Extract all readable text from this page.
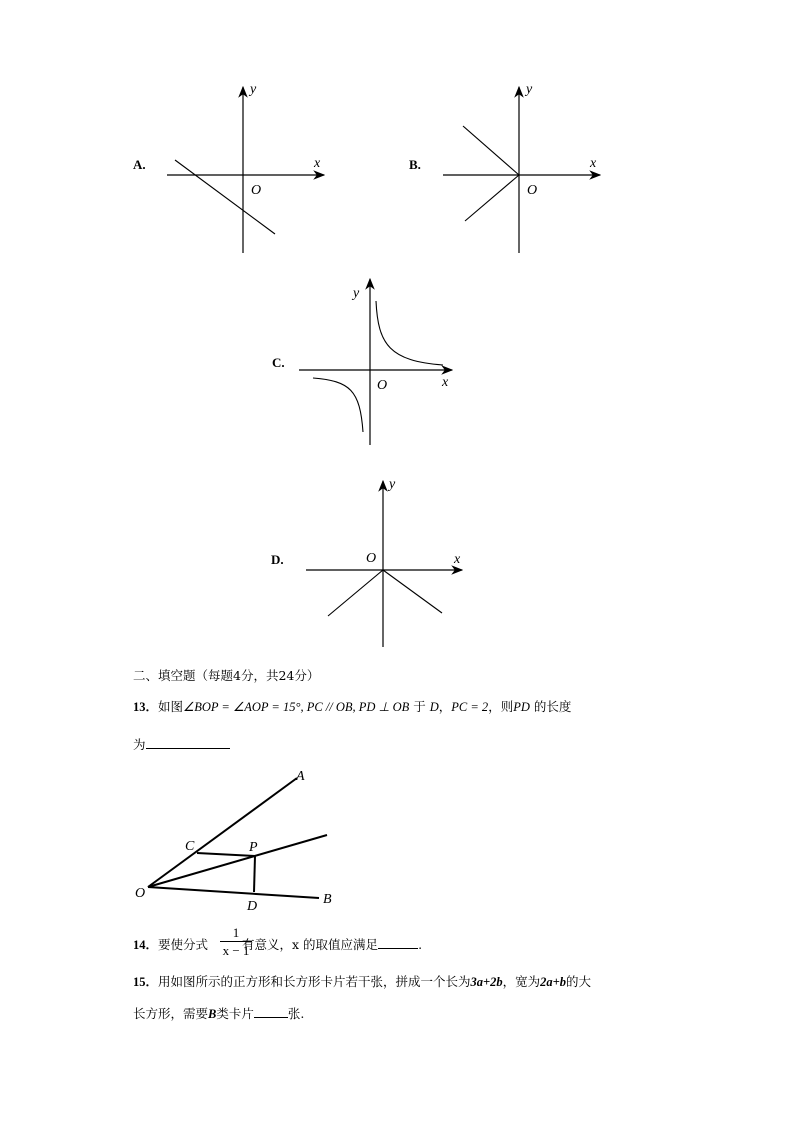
A.	x
y
O
B.	x
y
O
C.
x
y
O
D.	x
y
O
二、填空题（每题4分，共24分）
13．如图∠BOP = ∠AOP = 15°, PC // OB, PD ⊥ OB 于 D，PC = 2，则PD 的长度
为
A
C	P
O
D	B
14．要使分式	有意义，x 的取值应满足	.
1
x − 1
15．用如图所示的正方形和长方形卡片若干张，拼成一个长为3a+2b，宽为2a+b的大
长方形，需要B类卡片	张.
